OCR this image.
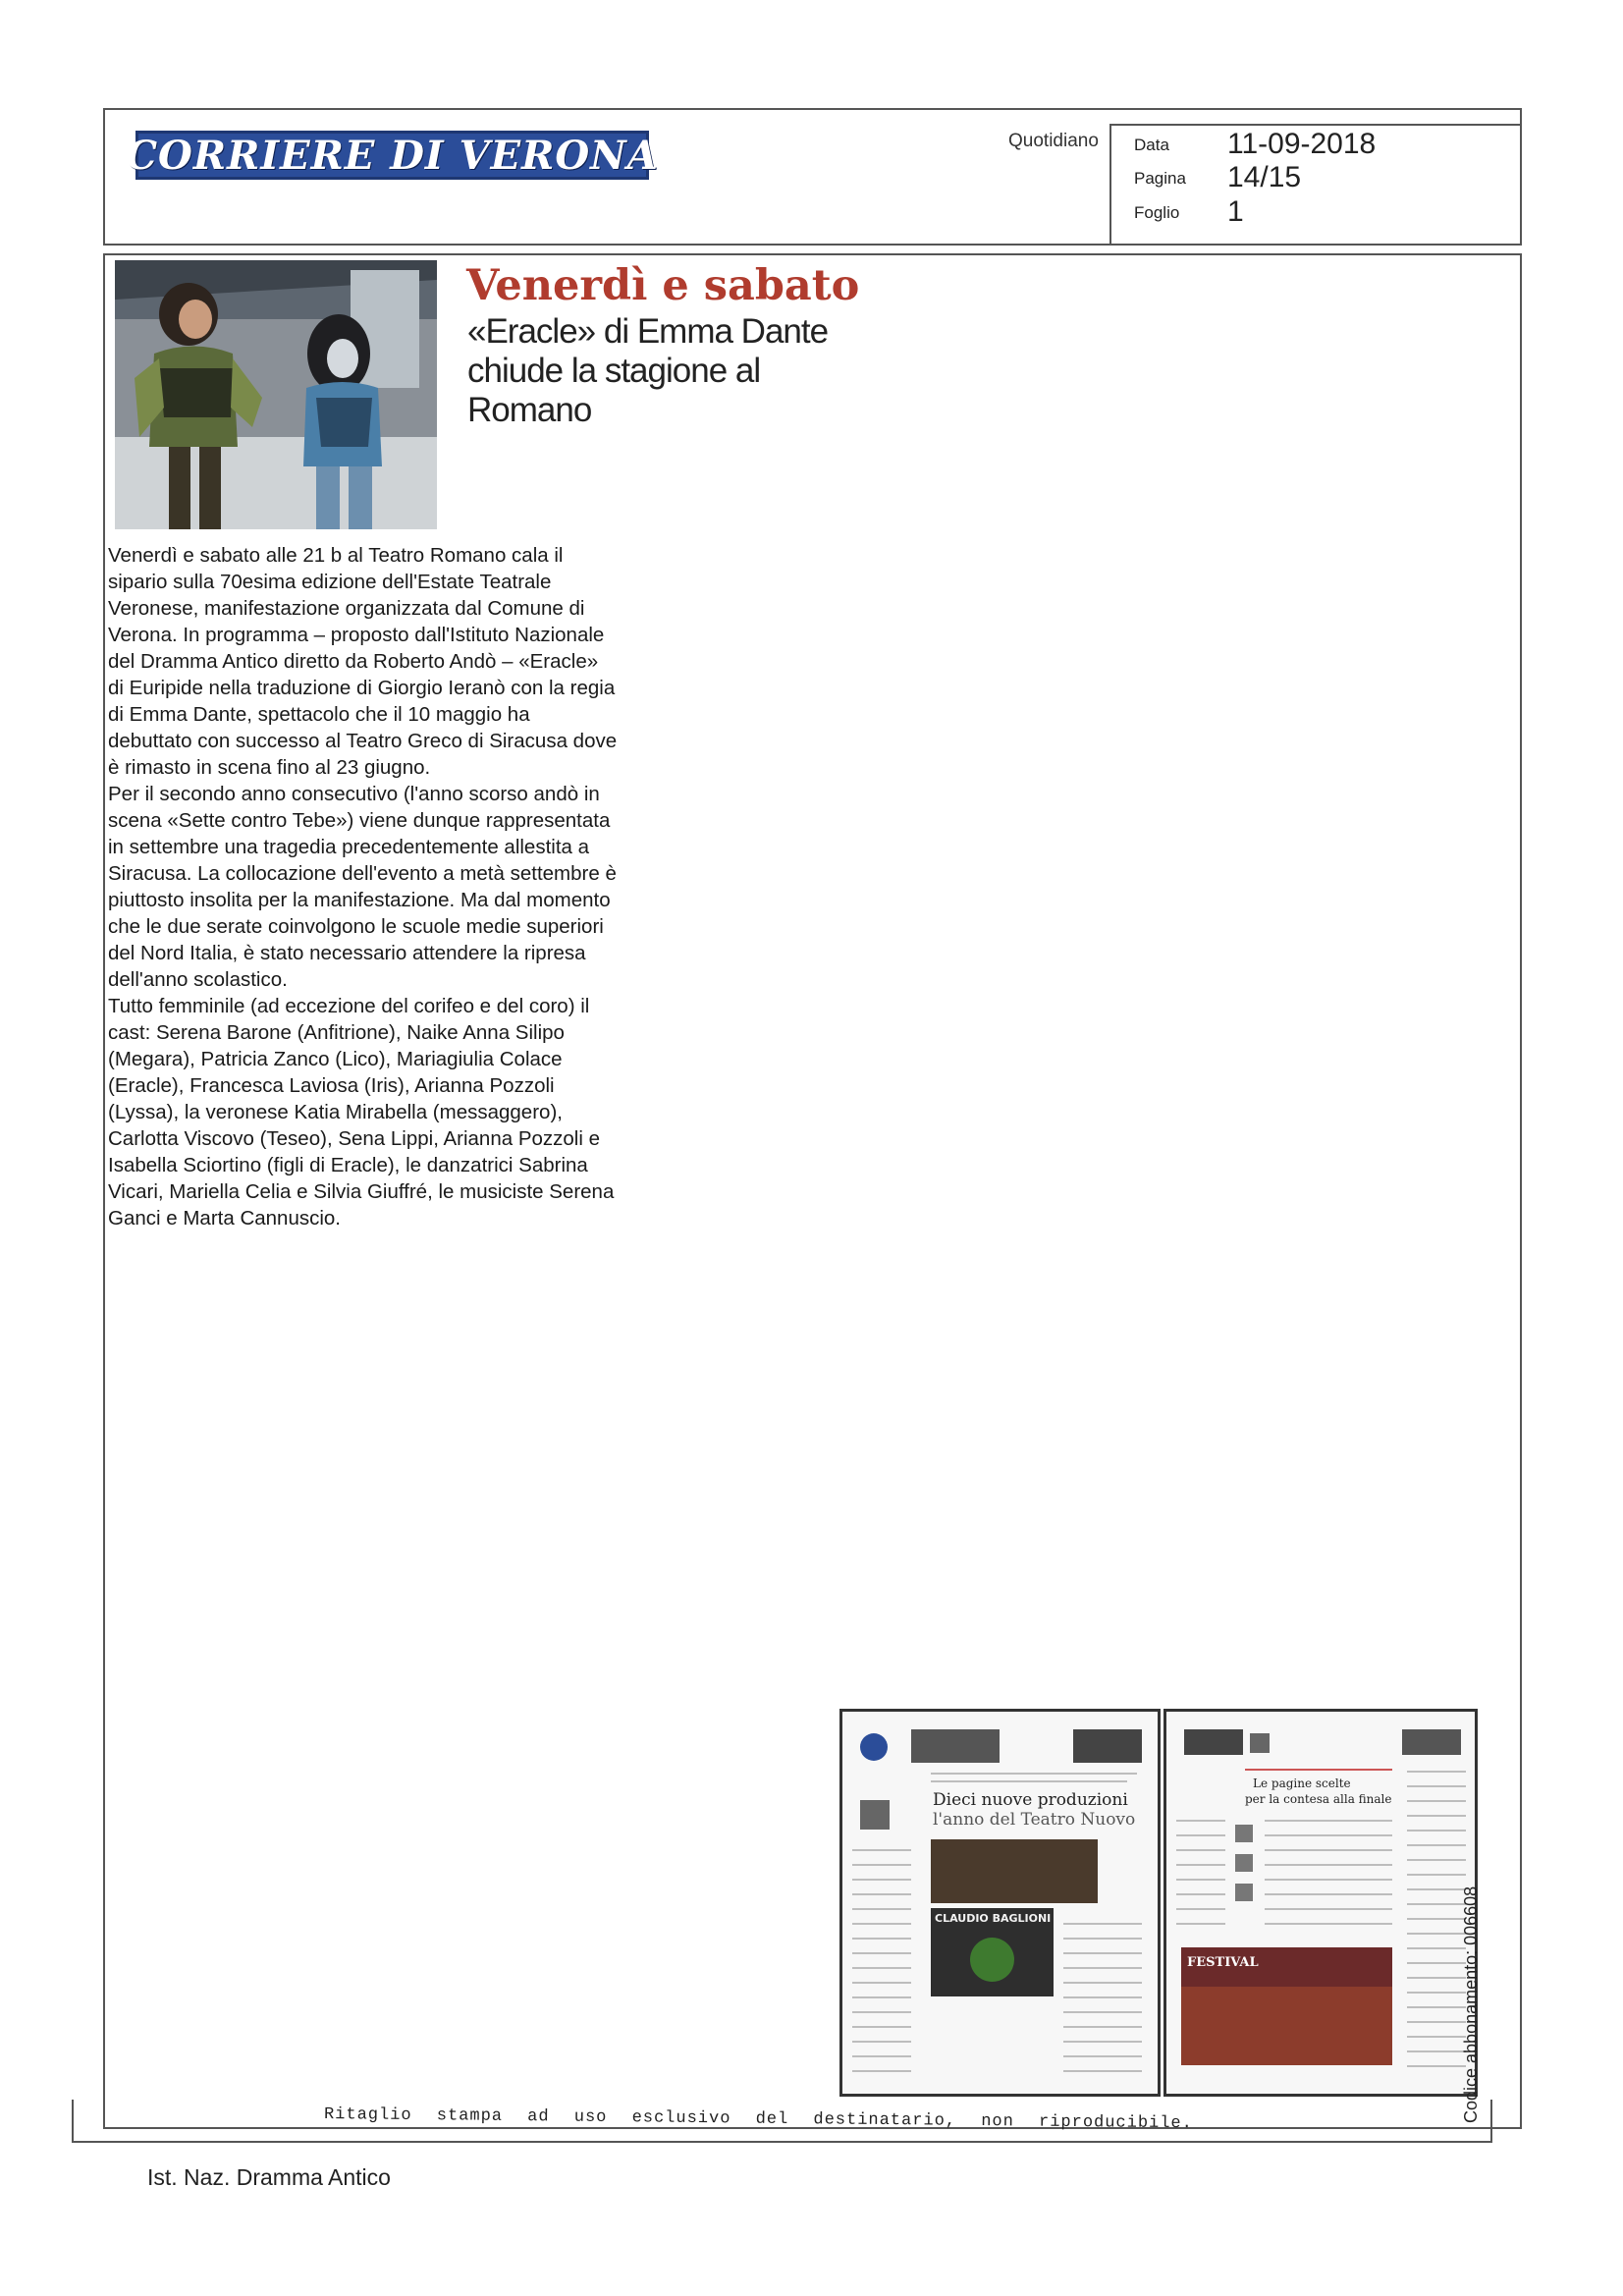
CORRIERE DI VERONA	Quotidiano Data 11-09-2018
Pagina 14/15
Foglio 1
Venerdì e sabato
«Eracle» di Emma Dante chiude la stagione al Romano

Venerdì e sabato alle 21 b al Teatro Romano cala il sipario sulla 70esima edizione dell'Estate Teatrale Veronese, manifestazione organizzata dal Comune di Verona. In programma – proposto dall'Istituto Nazionale del Dramma Antico diretto da Roberto Andò – «Eracle» di Euripide nella traduzione di Giorgio Ieranò con la regia di Emma Dante, spettacolo che il 10 maggio ha debuttato con successo al Teatro Greco di Siracusa dove è rimasto in scena fino al 23 giugno.

Per il secondo anno consecutivo (l'anno scorso andò in scena «Sette contro Tebe») viene dunque rappresentata in settembre una tragedia precedentemente allestita a Siracusa. La collocazione dell'evento a metà settembre è piuttosto insolita per la manifestazione. Ma dal momento che le due serate coinvolgono le scuole medie superiori del Nord Italia, è stato necessario attendere la ripresa dell'anno scolastico.

Tutto femminile (ad eccezione del corifeo e del coro) il cast: Serena Barone (Anfitrione), Naike Anna Silipo (Megara), Patricia Zanco (Lico), Mariagiulia Colace (Eracle), Francesca Laviosa (Iris), Arianna Pozzoli (Lyssa), la veronese Katia Mirabella (messaggero), Carlotta Viscovo (Teseo), Sena Lippi, Arianna Pozzoli e Isabella Sciortino (figli di Eracle), le danzatrici Sabrina Vicari, Mariella Celia e Silvia Giuffré, le musiciste Serena Ganci e Marta Cannuscio.

Dieci nuove produzioni
l'anno del Teatro Nuovo
CLAUDIO BAGLIONI
Le pagine scelte
per la contesa alla finale
FESTIVAL
Ritaglio stampa ad uso esclusivo del destinatario, non riproducibile.	Codice abbonamento: 006608
Ist. Naz. Dramma Antico
